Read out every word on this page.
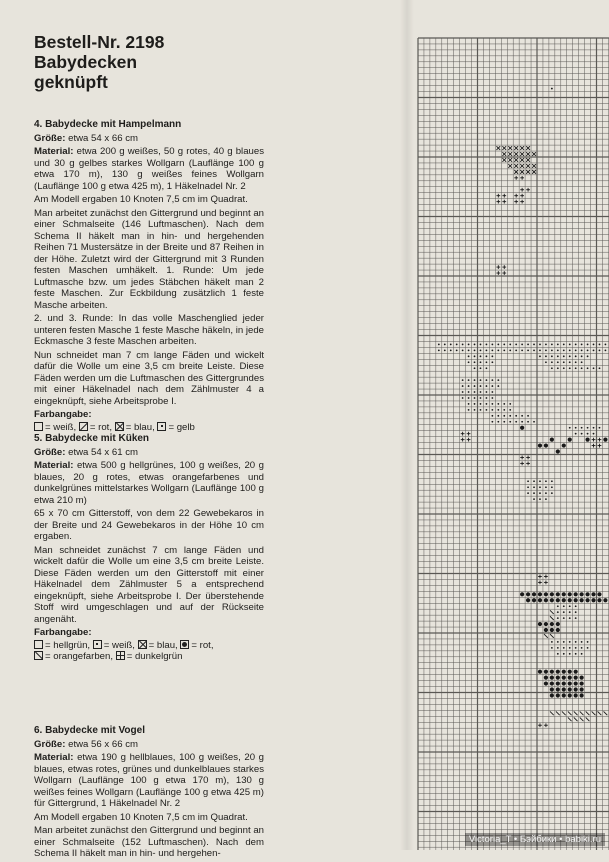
Bestell-Nr. 2198
Babydecken
geknüpft
4. Babydecke mit Hampelmann

Größe: etwa 54 x 66 cm

Material: etwa 200 g weißes, 50 g rotes, 40 g blaues und 30 g gelbes starkes Wollgarn (Lauflänge 100 g etwa 170 m), 130 g weißes feines Wollgarn (Lauflänge 100 g etwa 425 m), 1 Häkelnadel Nr. 2

Am Modell ergaben 10 Knoten 7,5 cm im Quadrat.

Man arbeitet zunächst den Gittergrund und beginnt an einer Schmalseite (146 Luftmaschen). Nach dem Schema II häkelt man in hin- und hergehenden Reihen 71 Mustersätze in der Breite und 87 Reihen in der Höhe. Zuletzt wird der Gittergrund mit 3 Runden festen Maschen umhäkelt. 1. Runde: Um jede Luftmasche bzw. um jedes Stäbchen häkelt man 2 feste Maschen. Zur Eckbildung zusätzlich 1 feste Masche arbeiten.

2. und 3. Runde: In das volle Maschenglied jeder unteren festen Masche 1 feste Masche häkeln, in jede Eckmasche 3 feste Maschen arbeiten.

Nun schneidet man 7 cm lange Fäden und wickelt dafür die Wolle um eine 3,5 cm breite Leiste. Diese Fäden werden um die Luftmaschen des Gittergrundes mit einer Häkelnadel nach dem Zählmuster 4 a eingeknüpft, siehe Arbeitsprobe I.

Farbangabe:
= weiß, = rot, = blau, = gelb
5. Babydecke mit Küken

Größe: etwa 54 x 61 cm

Material: etwa 500 g hellgrünes, 100 g weißes, 20 g blaues, 20 g rotes, etwas orangefarbenes und dunkelgrünes mittelstarkes Wollgarn (Lauflänge 100 g etwa 210 m)

65 x 70 cm Gitterstoff, von dem 22 Gewebekaros in der Breite und 24 Gewebekaros in der Höhe 10 cm ergaben.

Man schneidet zunächst 7 cm lange Fäden und wickelt dafür die Wolle um eine 3,5 cm breite Leiste. Diese Fäden werden um den Gitterstoff mit einer Häkelnadel dem Zählmuster 5 a entsprechend eingeknüpft, siehe Arbeitsprobe I. Der überstehende Stoff wird umgeschlagen und auf der Rückseite angenäht.

Farbangabe:
= hellgrün, = weiß, = blau, = rot,
= orangefarben, = dunkelgrün
6. Babydecke mit Vogel

Größe: etwa 56 x 66 cm

Material: etwa 190 g hellblaues, 100 g weißes, 20 g blaues, etwas rotes, grünes und dunkelblaues starkes Wollgarn (Lauflänge 100 g etwa 170 m), 130 g weißes feines Wollgarn (Lauflänge 100 g etwa 425 m) für Gittergrund, 1 Häkelnadel Nr. 2

Am Modell ergaben 10 Knoten 7,5 cm im Quadrat.

Man arbeitet zunächst den Gittergrund und beginnt an einer Schmalseite (152 Luftmaschen). Nach dem Schema II häkelt man in hin- und hergehen-

Victoria_T • Бэйбики • babiki.ru
